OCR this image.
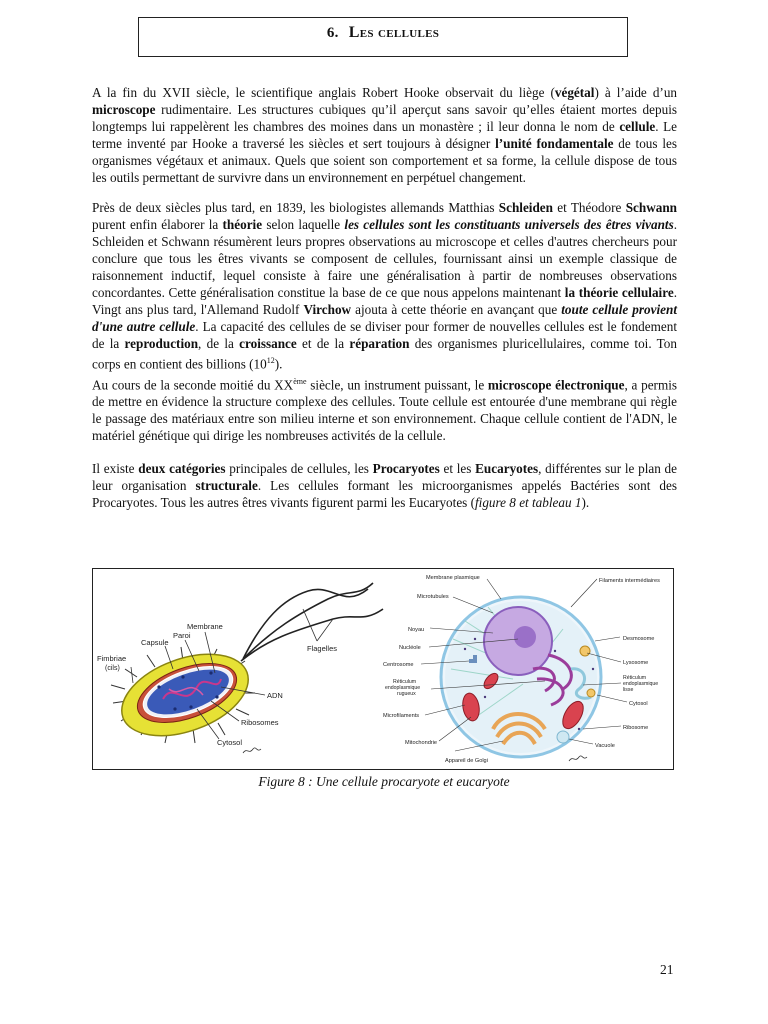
6. Les cellules

A la fin du XVII siècle, le scientifique anglais Robert Hooke observait du liège (végétal) à l’aide d’un microscope rudimentaire. Les structures cubiques qu’il aperçut sans savoir qu’elles étaient mortes depuis longtemps lui rappelèrent les chambres des moines dans un monastère ; il leur donna le nom de cellule. Le terme inventé par Hooke a traversé les siècles et sert toujours à désigner l’unité fondamentale de tous les organismes végétaux et animaux. Quels que soient son comportement et sa forme, la cellule dispose de tous les outils permettant de survivre dans un environnement en perpétuel changement.

Près de deux siècles plus tard, en 1839, les biologistes allemands Matthias Schleiden et Théodore Schwann purent enfin élaborer la théorie selon laquelle les cellules sont les constituants universels des êtres vivants. Schleiden et Schwann résumèrent leurs propres observations au microscope et celles d'autres chercheurs pour conclure que tous les êtres vivants se composent de cellules, fournissant ainsi un exemple classique de raisonnement inductif, lequel consiste à faire une généralisation à partir de nombreuses observations concordantes. Cette généralisation constitue la base de ce que nous appelons maintenant la théorie cellulaire. Vingt ans plus tard, l'Allemand Rudolf Virchow ajouta à cette théorie en avançant que toute cellule provient d'une autre cellule. La capacité des cellules de se diviser pour former de nouvelles cellules est le fondement de la reproduction, de la croissance et de la réparation des organismes pluricellulaires, comme toi. Ton corps en contient des billions $(10^{12})$.

Au cours de la seconde moitié du XXème siècle, un instrument puissant, le microscope électronique, a permis de mettre en évidence la structure complexe des cellules. Toute cellule est entourée d'une membrane qui règle le passage des matériaux entre son milieu interne et son environnement. Chaque cellule contient de l'ADN, le matériel génétique qui dirige les nombreuses activités de la cellule.

Il existe deux catégories principales de cellules, les Procaryotes et les Eucaryotes, différentes sur le plan de leur organisation structurale. Les cellules formant les microorganismes appelés Bactéries sont des Procaryotes. Tous les autres êtres vivants figurent parmi les Eucaryotes (figure 8 et tableau 1).

Membrane
Paroi
Capsule
Fimbriae
(cils)
Flagelles
ADN
Ribosomes
Cytosol
Membrane plasmique	Filaments intermédiaires
Microtubules
Noyau
Nucléole
Desmosome
Centrosome	Lysosome
Réticulum
endoplasmique
rugueux
Réticulum
endoplasmique
lisse
Cytosol
Microfilaments
Ribosome
Mitochondrie	Vacuole
Appareil de Golgi
Figure 8 : Une cellule procaryote et eucaryote
21
